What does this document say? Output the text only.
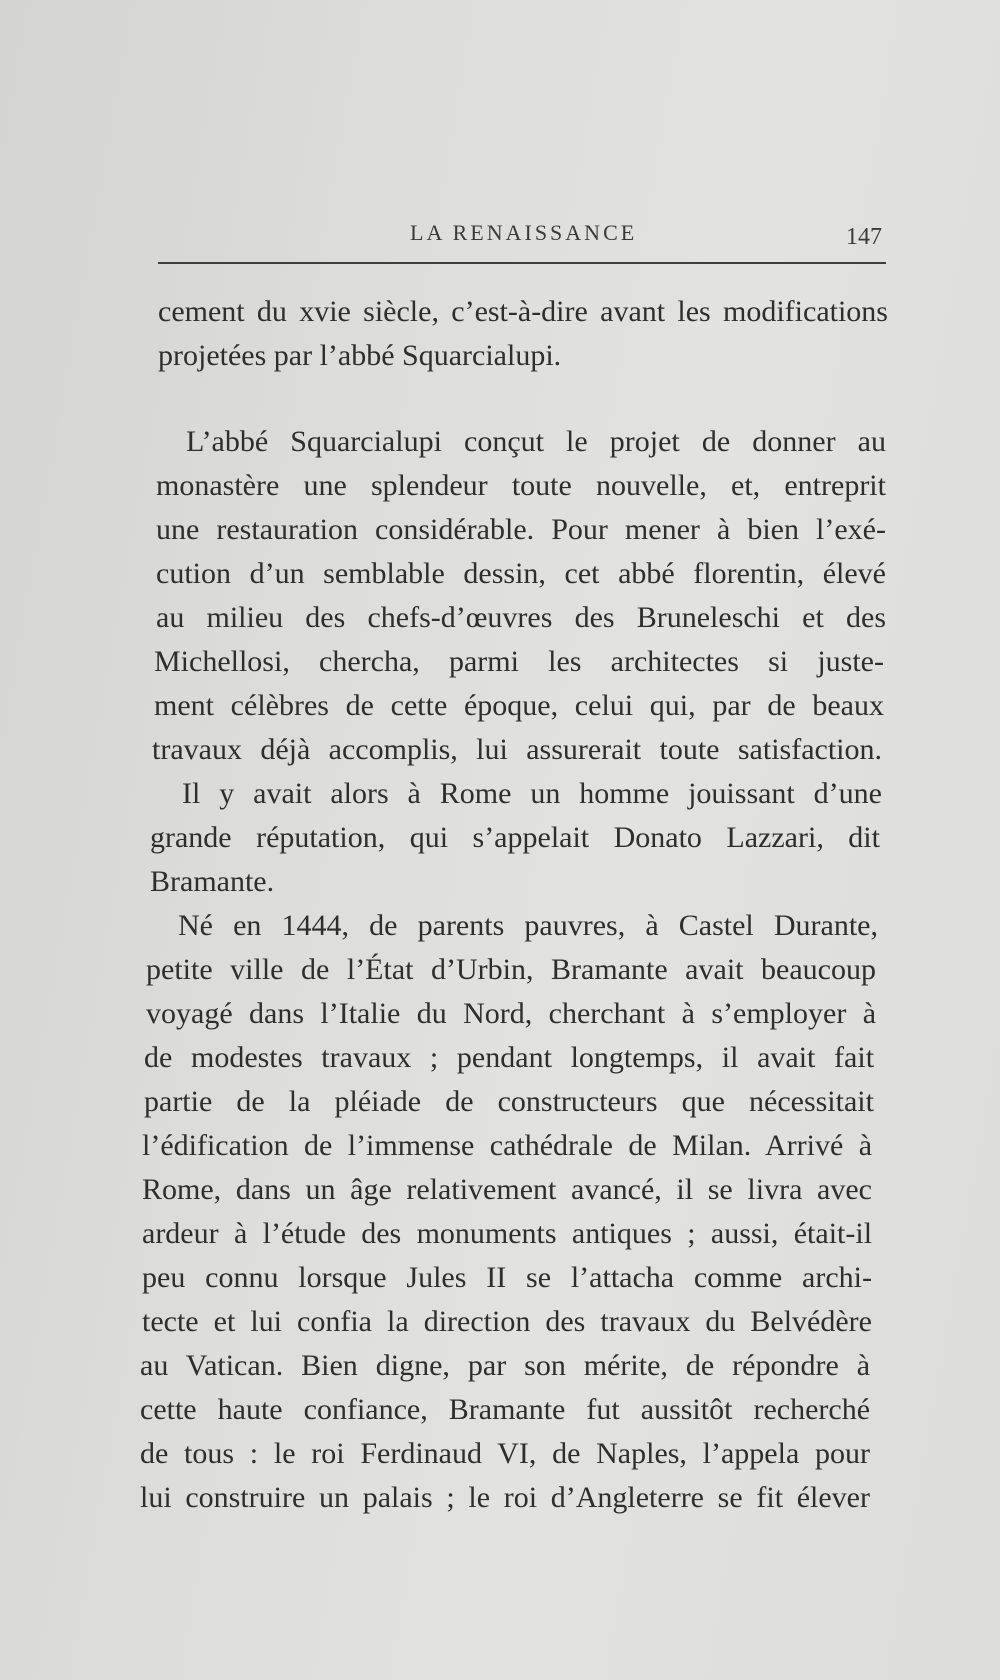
LA RENAISSANCE	147
cement du xvie siècle, c’est-à-dire avant les modifications
projetées par l’abbé Squarcialupi.
L’abbé Squarcialupi conçut le projet de donner au
monastère une splendeur toute nouvelle, et, entreprit
une restauration considérable. Pour mener à bien l’exé-
cution d’un semblable dessin, cet abbé florentin, élevé
au milieu des chefs-d’œuvres des Bruneleschi et des
Michellosi, chercha, parmi les architectes si juste-
ment célèbres de cette époque, celui qui, par de beaux
travaux déjà accomplis, lui assurerait toute satisfaction.
Il y avait alors à Rome un homme jouissant d’une
grande réputation, qui s’appelait Donato Lazzari, dit
Bramante.
Né en 1444, de parents pauvres, à Castel Durante,
petite ville de l’État d’Urbin, Bramante avait beaucoup
voyagé dans l’Italie du Nord, cherchant à s’employer à
de modestes travaux ; pendant longtemps, il avait fait
partie de la pléiade de constructeurs que nécessitait
l’édification de l’immense cathédrale de Milan. Arrivé à
Rome, dans un âge relativement avancé, il se livra avec
ardeur à l’étude des monuments antiques ; aussi, était-il
peu connu lorsque Jules II se l’attacha comme archi-
tecte et lui confia la direction des travaux du Belvédère
au Vatican. Bien digne, par son mérite, de répondre à
cette haute confiance, Bramante fut aussitôt recherché
de tous : le roi Ferdinaud VI, de Naples, l’appela pour
lui construire un palais ; le roi d’Angleterre se fit élever
